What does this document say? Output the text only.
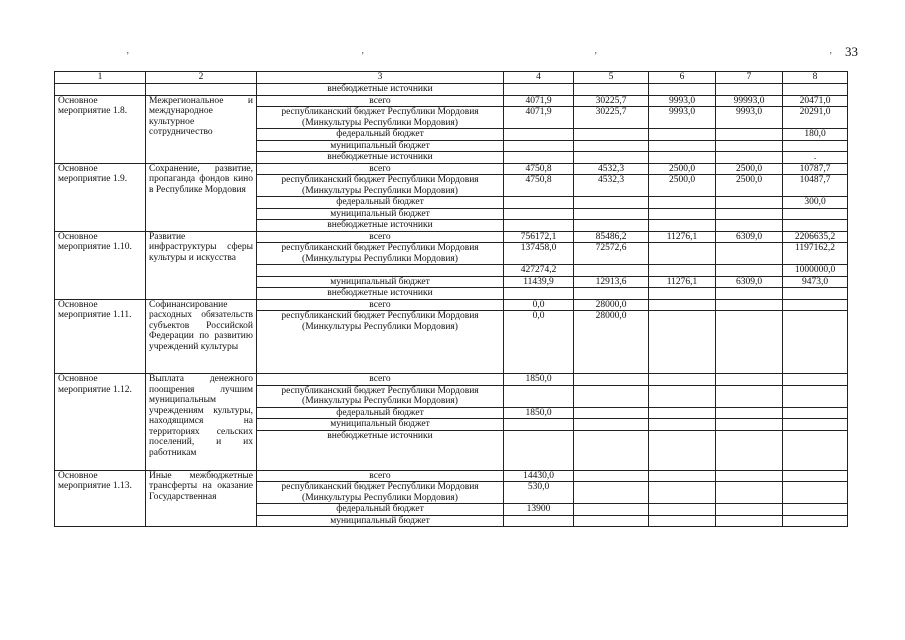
33
‚	‚	‚	‚
1	2	3	4	5	6	7	8
		внебюджетные источники					
Основное мероприятие 1.8.	Межрегиональное и международное культурное сотрудничество	всего	4071,9	30225,7	9993,0	99993,0	20471,0
		республиканский бюджет Республики Мордовия (Минкультуры Республики Мордовия)	4071,9	30225,7	9993,0	9993,0	20291,0
		федеральный бюджет					180,0
		муниципальный бюджет					
		внебюджетные источники					.
Основное мероприятие 1.9.	Сохранение, развитие, пропаганда фондов кино в Республике Мордовия	всего	4750,8	4532,3	2500,0	2500,0	10787,7
		республиканский бюджет Республики Мордовия (Минкультуры Республики Мордовия)	4750,8	4532,3	2500,0	2500,0	10487,7
		федеральный бюджет					300,0
		муниципальный бюджет					
		внебюджетные источники					
Основное мероприятие 1.10.	Развитие инфраструктуры сферы культуры и искусства	всего	756172,1	85486,2	11276,1	6309,0	2206635,2
		республиканский бюджет Республики Мордовия (Минкультуры Республики Мордовия)	137458,0	72572,6			1197162,2
			427274,2				1000000,0
		муниципальный бюджет	11439,9	12913,6	11276,1	6309,0	9473,0
		внебюджетные источники					
Основное мероприятие 1.11.	Софинансирование расходных обязательств субъектов Российской Федерации по развитию учреждений культуры	всего	0,0	28000,0			
		республиканский бюджет Республики Мордовия (Минкультуры Республики Мордовия)	0,0	28000,0			
Основное мероприятие 1.12.	Выплата денежного поощрения лучшим муниципальным учреждениям культуры, находящимся на территориях сельских поселений, и их работникам	всего	1850,0				
		республиканский бюджет Республики Мордовия (Минкультуры Республики Мордовия)					
		федеральный бюджет	1850,0				
		муниципальный бюджет					
		внебюджетные источники					
Основное мероприятие 1.13.	Иные межбюджетные трансферты на оказание Государственная	всего	14430,0				
		республиканский бюджет Республики Мордовия (Минкультуры Республики Мордовия)	530,0				
		федеральный бюджет	13900				
		муниципальный бюджет					
